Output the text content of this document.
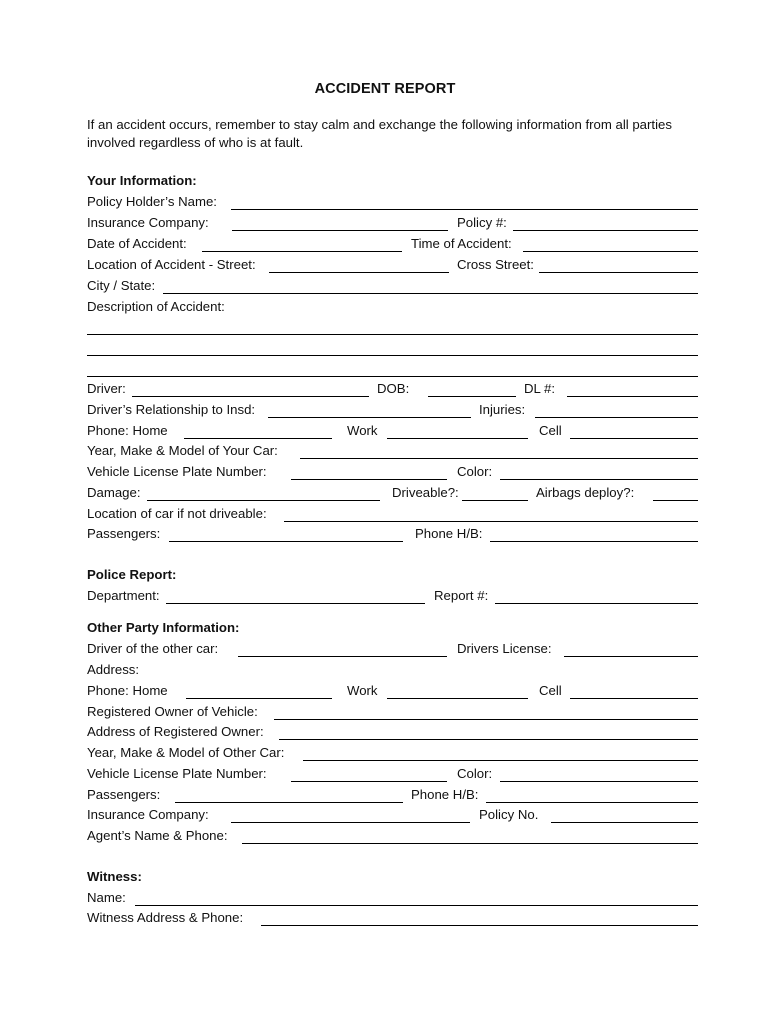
ACCIDENT REPORT
If an accident occurs, remember to stay calm and exchange the following information from all parties involved regardless of who is at fault.
Your Information:
Policy Holder’s Name:
Insurance Company:	Policy #:
Date of Accident:	Time of Accident:
Location of Accident - Street:	Cross Street:
City / State:
Description of Accident:
Driver:	DOB:	DL #:
Driver’s Relationship to Insd:	Injuries:
Phone: Home	Work	Cell
Year, Make & Model of Your Car:
Vehicle License Plate Number:	Color:
Damage:	Driveable?:	Airbags deploy?:
Location of car if not driveable:
Passengers:	Phone H/B:
Police Report:
Department:	Report #:
Other Party Information:
Driver of the other car:	Drivers License:
Address:
Phone: Home	Work	Cell
Registered Owner of Vehicle:
Address of Registered Owner:
Year, Make & Model of Other Car:
Vehicle License Plate Number:	Color:
Passengers:	Phone H/B:
Insurance Company:	Policy No.
Agent’s Name & Phone:
Witness:
Name:
Witness Address & Phone:
